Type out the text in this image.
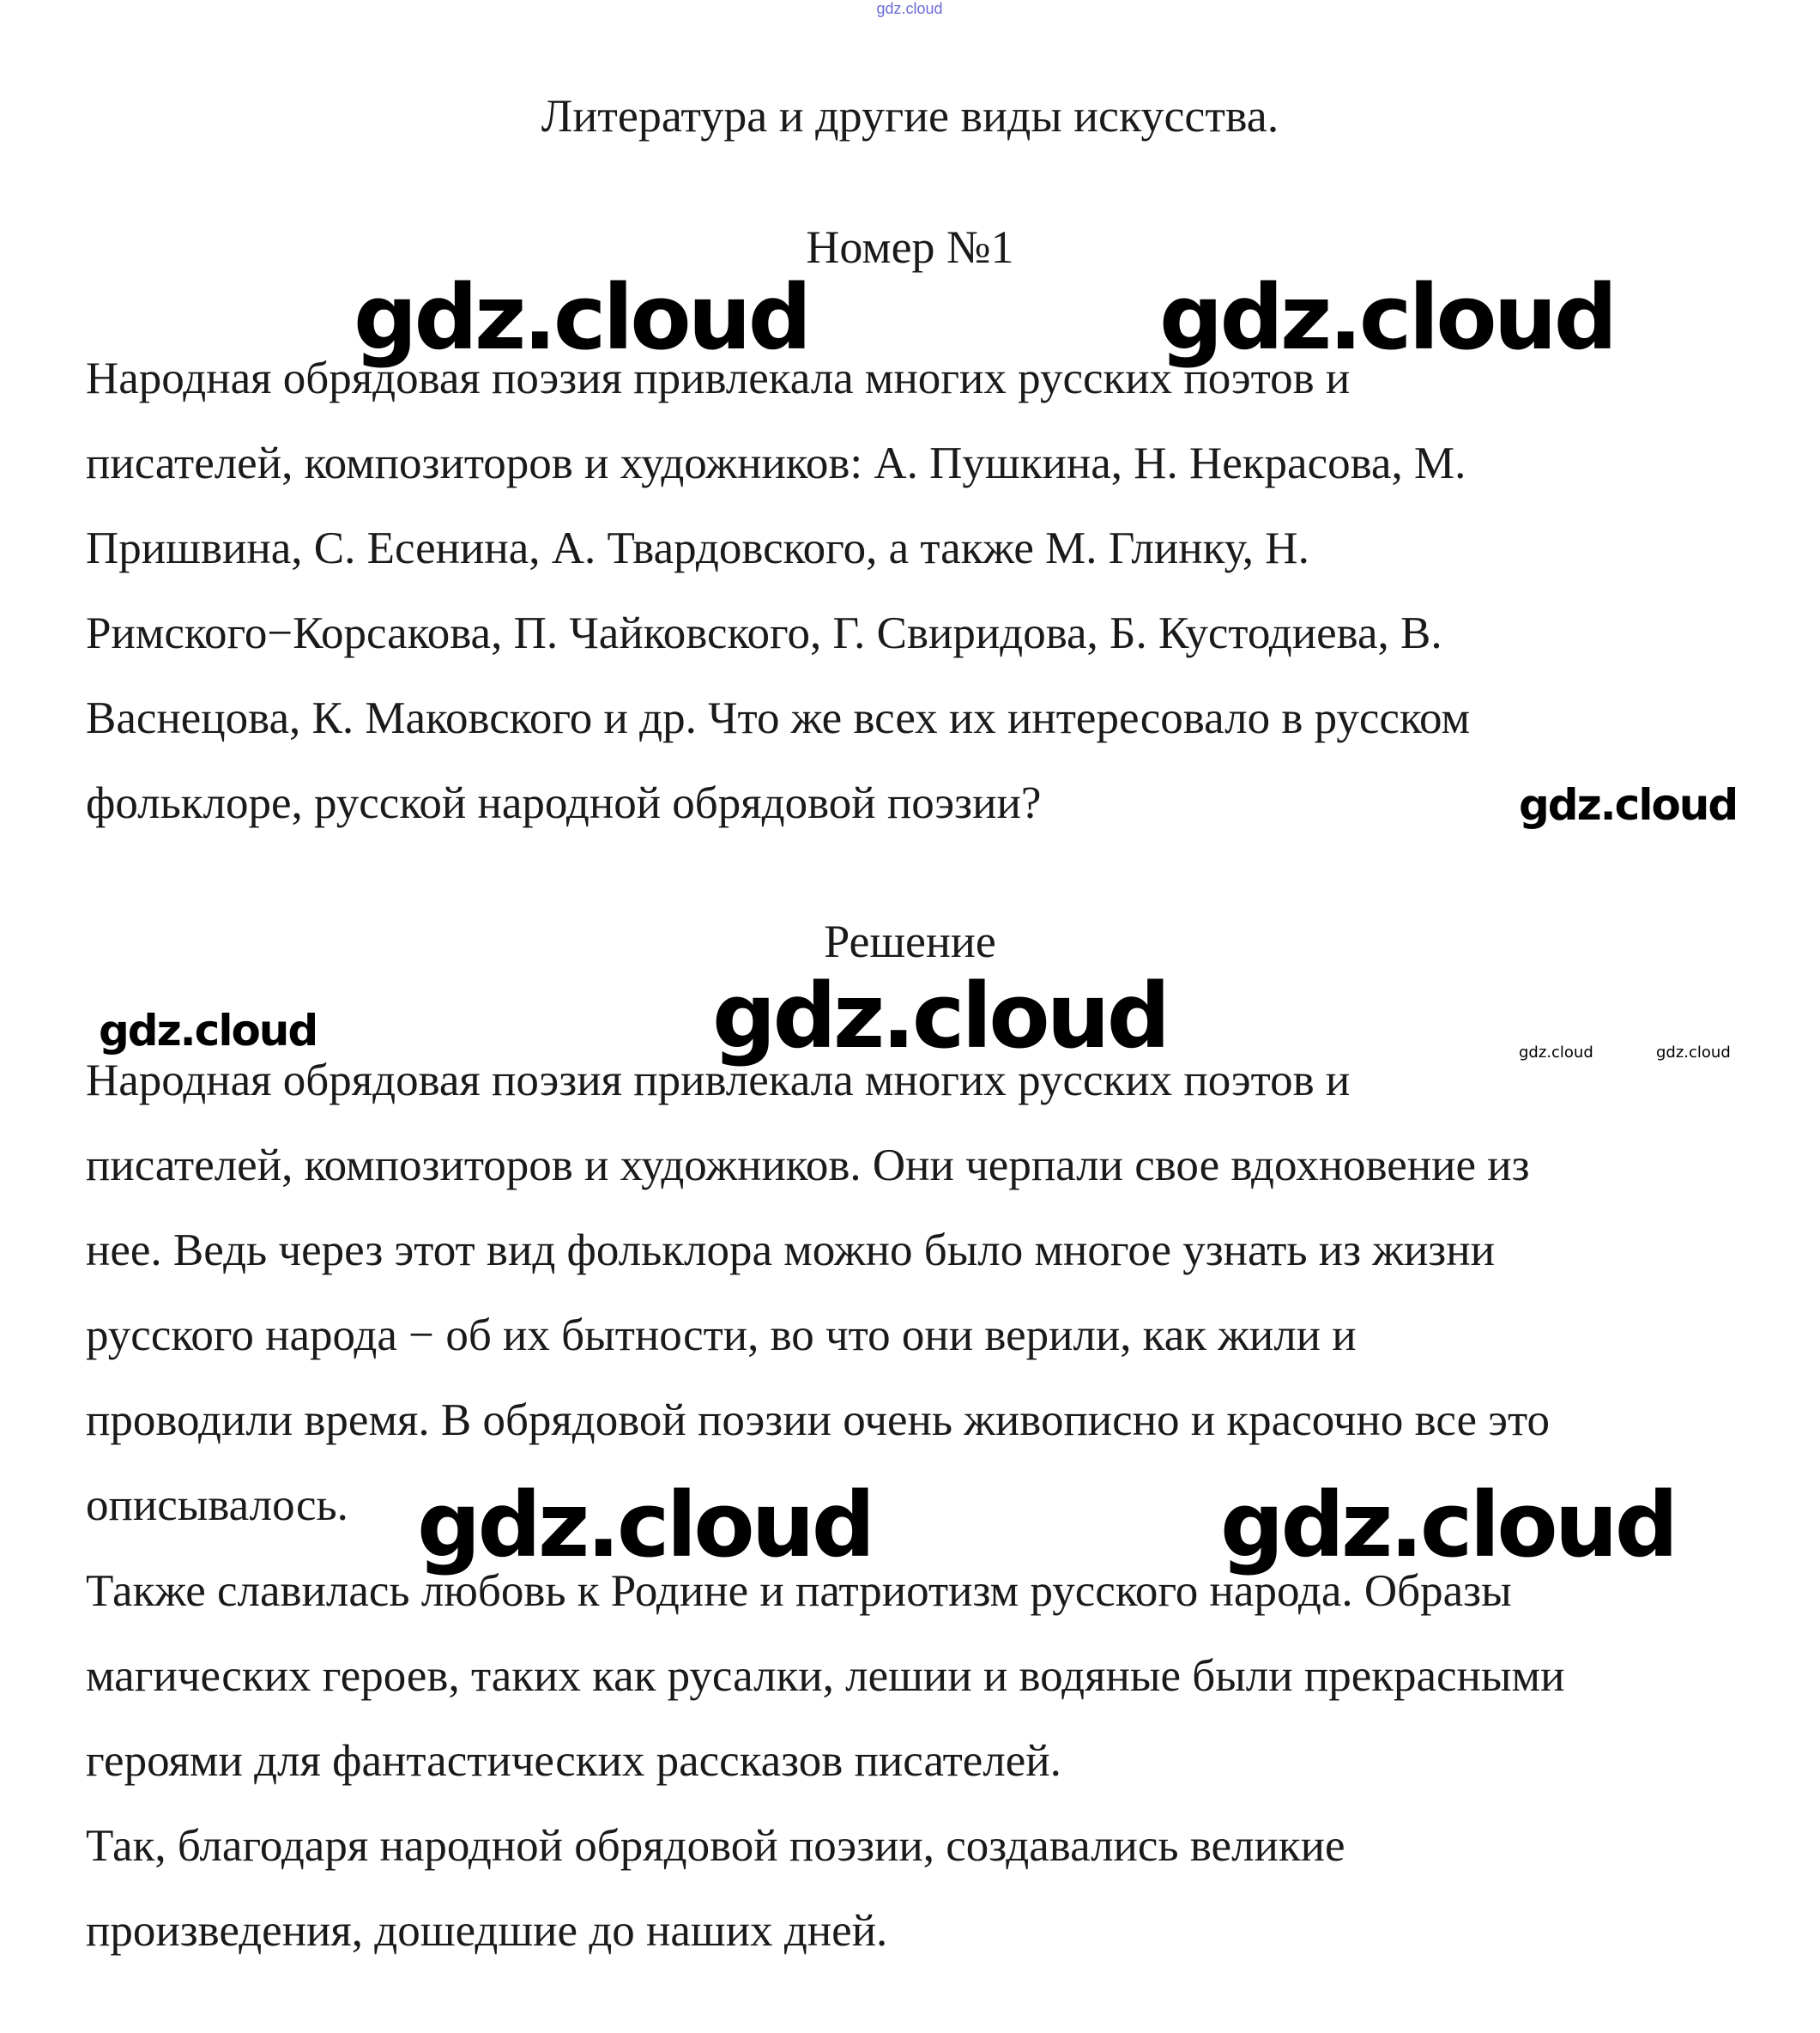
gdz.cloud
Литература и другие виды искусства.
Номер №1
Народная обрядовая поэзия привлекала многих русских поэтов и
писателей, композиторов и художников: А. Пушкина, Н. Некрасова, М.
Пришвина, С. Есенина, А. Твардовского, а также М. Глинку, Н.
Римского−Корсакова, П. Чайковского, Г. Свиридова, Б. Кустодиева, В.
Васнецова, К. Маковского и др. Что же всех их интересовало в русском
фольклоре, русской народной обрядовой поэзии?
Решение
Народная обрядовая поэзия привлекала многих русских поэтов и
писателей, композиторов и художников. Они черпали свое вдохновение из
нее. Ведь через этот вид фольклора можно было многое узнать из жизни
русского народа − об их бытности, во что они верили, как жили и
проводили время. В обрядовой поэзии очень живописно и красочно все это
описывалось.
Также славилась любовь к Родине и патриотизм русского народа. Образы
магических героев, таких как русалки, лешии и водяные были прекрасными
героями для фантастических рассказов писателей.
Так, благодаря народной обрядовой поэзии, создавались великие
произведения, дошедшие до наших дней.
gdz.cloud	gdz.cloud
gdz.cloud
gdz.cloud	gdz.cloud	gdz.cloud	gdz.cloud
gdz.cloud	gdz.cloud
